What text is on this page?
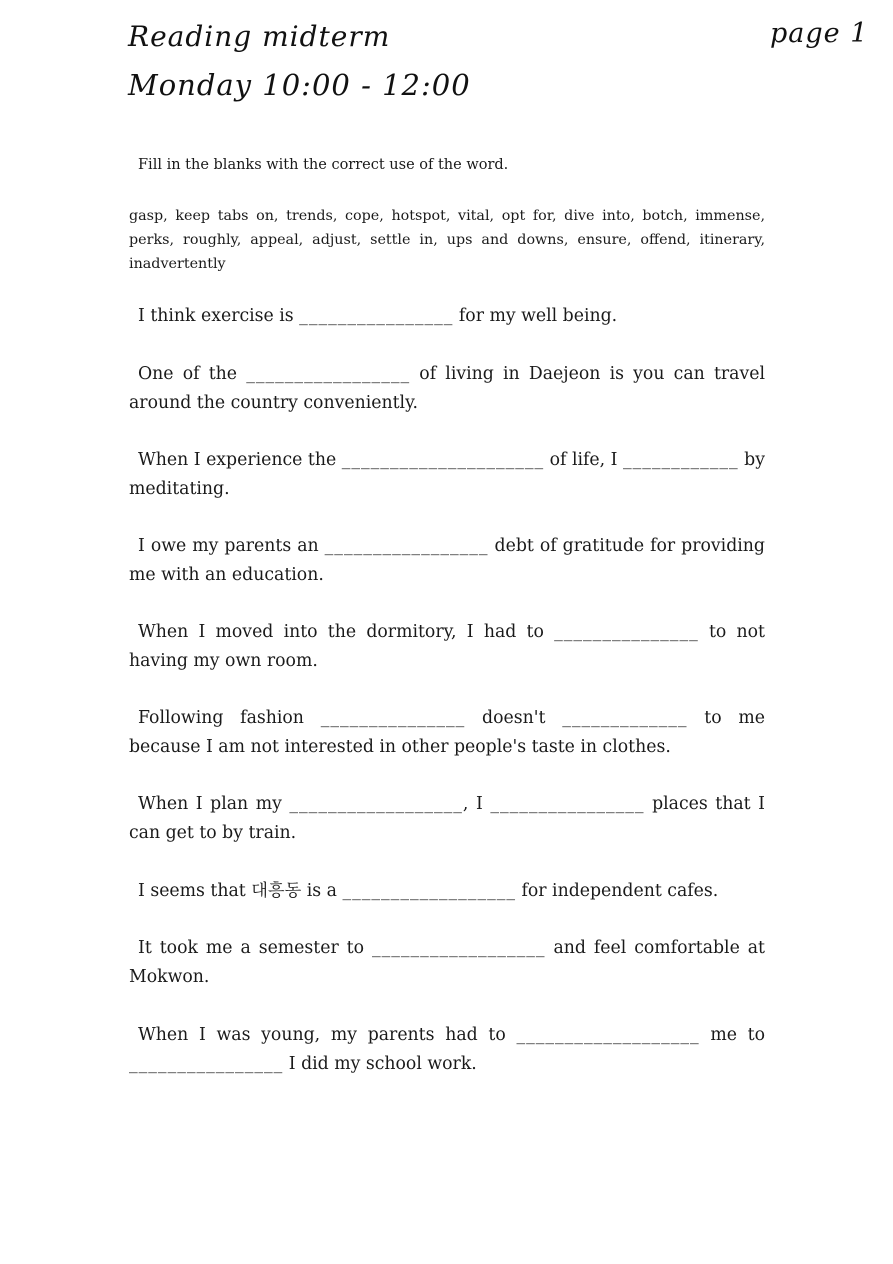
Reading midterm
Monday 10:00 - 12:00
page 1
Fill in the blanks with the correct use of the word.
gasp, keep tabs on, trends, cope, hotspot, vital, opt for, dive into, botch, immense, perks, roughly, appeal, adjust, settle in, ups and downs, ensure, offend, itinerary, inadvertently
I think exercise is ________________ for my well being.
One of the _________________ of living in Daejeon is you can travel around the country conveniently.
When I experience the _____________________ of life, I ____________ by meditating.
I owe my parents an _________________ debt of gratitude for providing me with an education.
When I moved into the dormitory, I had to _______________ to not having my own room.
Following fashion _______________ doesn't _____________ to me because I am not interested in other people's taste in clothes.
When I plan my __________________, I ________________ places that I can get to by train.
I seems that 대흥동 is a __________________ for independent cafes.
It took me a semester to __________________ and feel comfortable at Mokwon.
When I was young, my parents had to ___________________ me to ________________ I did my school work.
